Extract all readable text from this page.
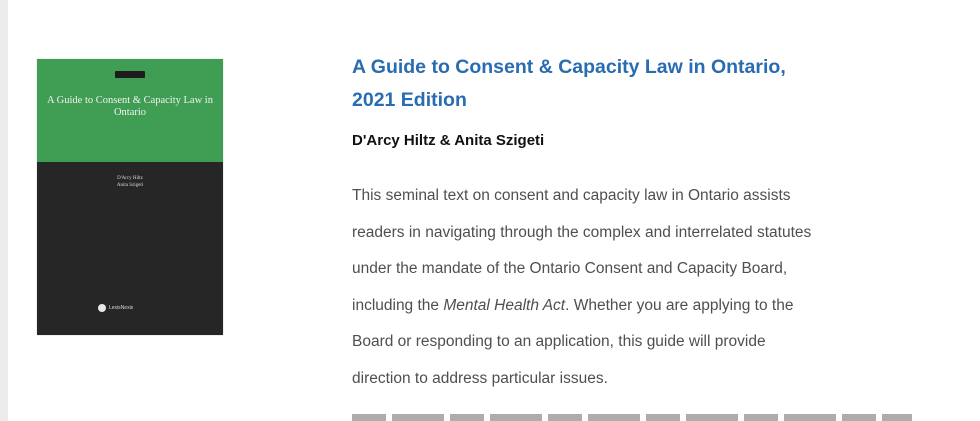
A Guide to Consent & Capacity Law in Ontario
D'Arcy Hiltz
Anita Szigeti
LexisNexis
A Guide to Consent & Capacity Law in Ontario,
2021 Edition

D'Arcy Hiltz & Anita Szigeti

This seminal text on consent and capacity law in Ontario assists
readers in navigating through the complex and interrelated statutes
under the mandate of the Ontario Consent and Capacity Board,
including the Mental Health Act. Whether you are applying to the
Board or responding to an application, this guide will provide
direction to address particular issues.
